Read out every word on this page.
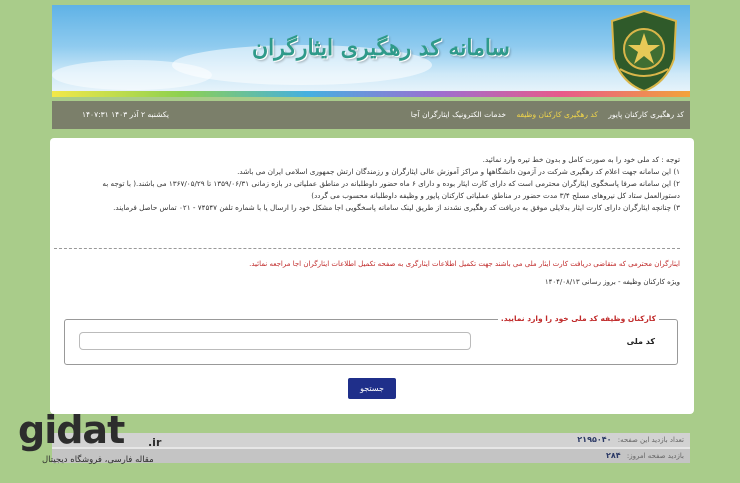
سامانه کد رهگیری ایثارگران
کد رهگیری کارکنان پایور کد رهگیری کارکنان وظیفه خدمات الکترونیک ایثارگران آجا
یکشنبه ۲ آذر ۱۴۰۳ ۱۴۰۷:۳۱

توجه : کد ملی خود را به صورت کامل و بدون خط تیره وارد نمائید.

۱) این سامانه جهت اعلام کد رهگیری شرکت در آزمون دانشگاهها و مراکز آموزش عالی ایثارگران و رزمندگان ارتش جمهوری اسلامی ایران می باشد.

۲) این سامانه صرفا پاسخگوی ایثارگران محترمی است که دارای کارت ایثار بوده و دارای ۶ ماه حضور داوطلبانه در مناطق عملیاتی در بازه زمانی ۱۳۵۹/۰۶/۳۱ تا ۱۳۶۷/۰۵/۲۹ می باشند.( با توجه به دستورالعمل ستاد کل نیروهای مسلح ۳/۴ مدت حضور در مناطق عملیاتی کارکنان پایور و وظیفه داوطلبانه محسوب می گردد)

۳) چنانچه ایثارگران دارای کارت ایثار بدلایلی موفق به دریافت کد رهگیری نشدند از طریق لینک سامانه پاسخگویی اجا مشکل خود را ارسال یا با شماره تلفن ۷۴۵۴۷ - ۰۲۱ تماس حاصل فرمایند.

ایثارگران محترمی که متقاضی دریافت کارت ایثار ملی می باشند جهت تکمیل اطلاعات ایثارگری به صفحه تکمیل اطلاعات ایثارگران اجا مراجعه نمائید.
ویژه کارکنان وظیفه - بروز رسانی ۱۴۰۴/۰۸/۱۳
کارکنان وظیفه کد ملی خود را وارد نمایید.
کد ملی
جستجو
تعداد بازدید این صفحه: ۲۱۹۵۰۴۰
بازدید صفحه امروز: ۲۸۴
gidat .ir
مقاله فارسی، فروشگاه دیجیتال
